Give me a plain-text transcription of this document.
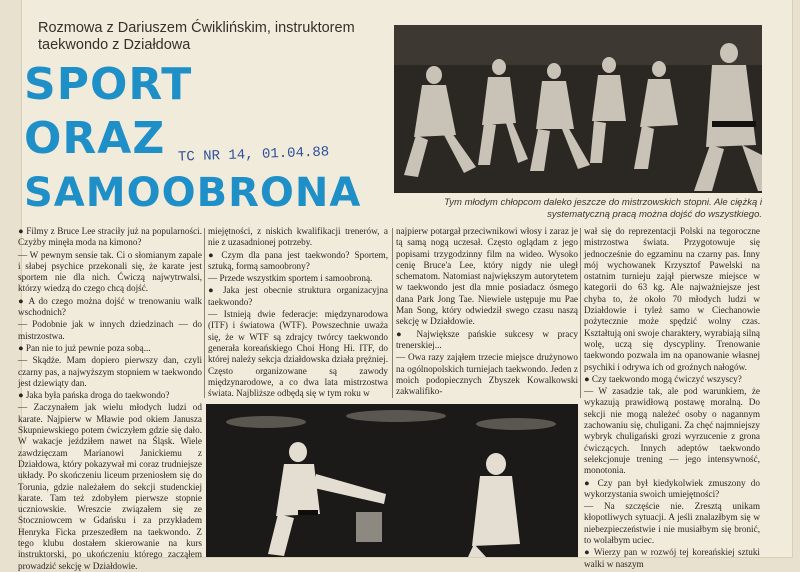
Rozmowa z Dariuszem Ćwiklińskim, instruktorem taekwondo z Działdowa
SPORT
ORAZ
SAMOOBRONA
TC NR 14, 01.04.88
Tym młodym chłopcom daleko jeszcze do mistrzowskich stopni. Ale ciężką i systematyczną pracą można dojść do wszystkiego.

● Filmy z Bruce Lee straciły już na popularności. Czyżby minęła moda na kimono?

— W pewnym sensie tak. Ci o słomianym zapale i słabej psychice przekonali się, że karate jest sportem nie dla nich. Ćwiczą najwytrwalsi, którzy wiedzą do czego chcą dojść.

● A do czego można dojść w trenowaniu walk wschodnich?

— Podobnie jak w innych dziedzinach — do mistrzostwa.

● Pan nie to już pewnie poza sobą...

— Skądże. Mam dopiero pierwszy dan, czyli czarny pas, a najwyższym stopniem w taekwondo jest dziewiąty dan.

● Jaka była pańska droga do taekwondo?

— Zaczynałem jak wielu młodych ludzi od karate. Najpierw w Mławie pod okiem Janusza Skupniewskiego potem ćwiczyłem gdzie się dało. W wakacje jeździłem nawet na Śląsk. Wiele zawdzięczam Marianowi Janickiemu z Działdowa, który pokazywał mi coraz trudniejsze układy. Po skończeniu liceum przeniosłem się do Torunia, gdzie należałem do sekcji studenckiej karate. Tam też zdobyłem pierwsze stopnie uczniowskie. Wreszcie związałem się ze Stoczniowcem w Gdańsku i za przykładem Henryka Ficka przeszedłem na taekwondo. Z tego klubu dostałem skierowanie na kurs instruktorski, po ukończeniu którego zacząłem prowadzić sekcję w Działdowie.

miejętności, z niskich kwalifikacji trenerów, a nie z uzasadnionej potrzeby.

● Czym dla pana jest taekwondo? Sportem, sztuką, formą samoobrony?

— Przede wszystkim sportem i samoobroną.

● Jaka jest obecnie struktura organizacyjna taekwondo?

— Istnieją dwie federacje: międzynarodowa (ITF) i światowa (WTF). Powszechnie uważa się, że w WTF są zdrajcy twórcy taekwondo generała koreańskiego Choi Hong Hi. ITF, do której należy sekcja działdowska działa prężniej. Często organizowane są zawody międzynarodowe, a co dwa lata mistrzostwa świata. Najbliższe odbędą się w tym roku w

najpierw potargał przeciwnikowi włosy i zaraz je tą samą nogą uczesał. Często oglądam z jego popisami trzygodzinny film na wideo. Wysoko cenię Bruce'a Lee, który nigdy nie uległ schematom. Natomiast największym autorytetem w taekwondo jest dla mnie posiadacz ósmego dana Park Jong Tae. Niewiele ustępuje mu Pae Man Song, który odwiedził swego czasu naszą sekcję w Działdowie.

● Największe pańskie sukcesy w pracy trenerskiej...

— Owa razy zająłem trzecie miejsce drużynowo na ogólnopolskich turniejach taekwondo. Jeden z moich podopiecznych Zbyszek Kowalkowski zakwalifiko-

wał się do reprezentacji Polski na tegoroczne mistrzostwa świata. Przygotowuje się jednocześnie do egzaminu na czarny pas. Inny mój wychowanek Krzysztof Pawelski na ostatnim turnieju zajął pierwsze miejsce w kategorii do 63 kg. Ale najważniejsze jest chyba to, że około 70 młodych ludzi w Działdowie i tyleż samo w Ciechanowie pożytecznie może spędzić wolny czas. Kształtują oni swoje charaktery, wyrabiają silną wolę, uczą się dyscypliny. Trenowanie taekwondo pozwala im na opanowanie własnej psychiki i odrywa ich od groźnych nałogów.

● Czy taekwondo mogą ćwiczyć wszyscy?

— W zasadzie tak, ale pod warunkiem, że wykazują prawidłową postawę moralną. Do sekcji nie mogą należeć osoby o nagannym zachowaniu się, chuligani. Za chęć najmniejszy wybryk chuligański grozi wyrzucenie z grona ćwiczących. Innych adeptów taekwondo selekcjonuje trening — jego intensywność, monotonia.

● Czy pan był kiedykolwiek zmuszony do wykorzystania swoich umiejętności?

— Na szczęście nie. Zresztą unikam kłopotliwych sytuacji. A jeśli znalazłbym się w niebezpieczeństwie i nie musiałbym się bronić, to wolałbym uciec.

● Wierzy pan w rozwój tej koreańskiej sztuki walki w naszym
